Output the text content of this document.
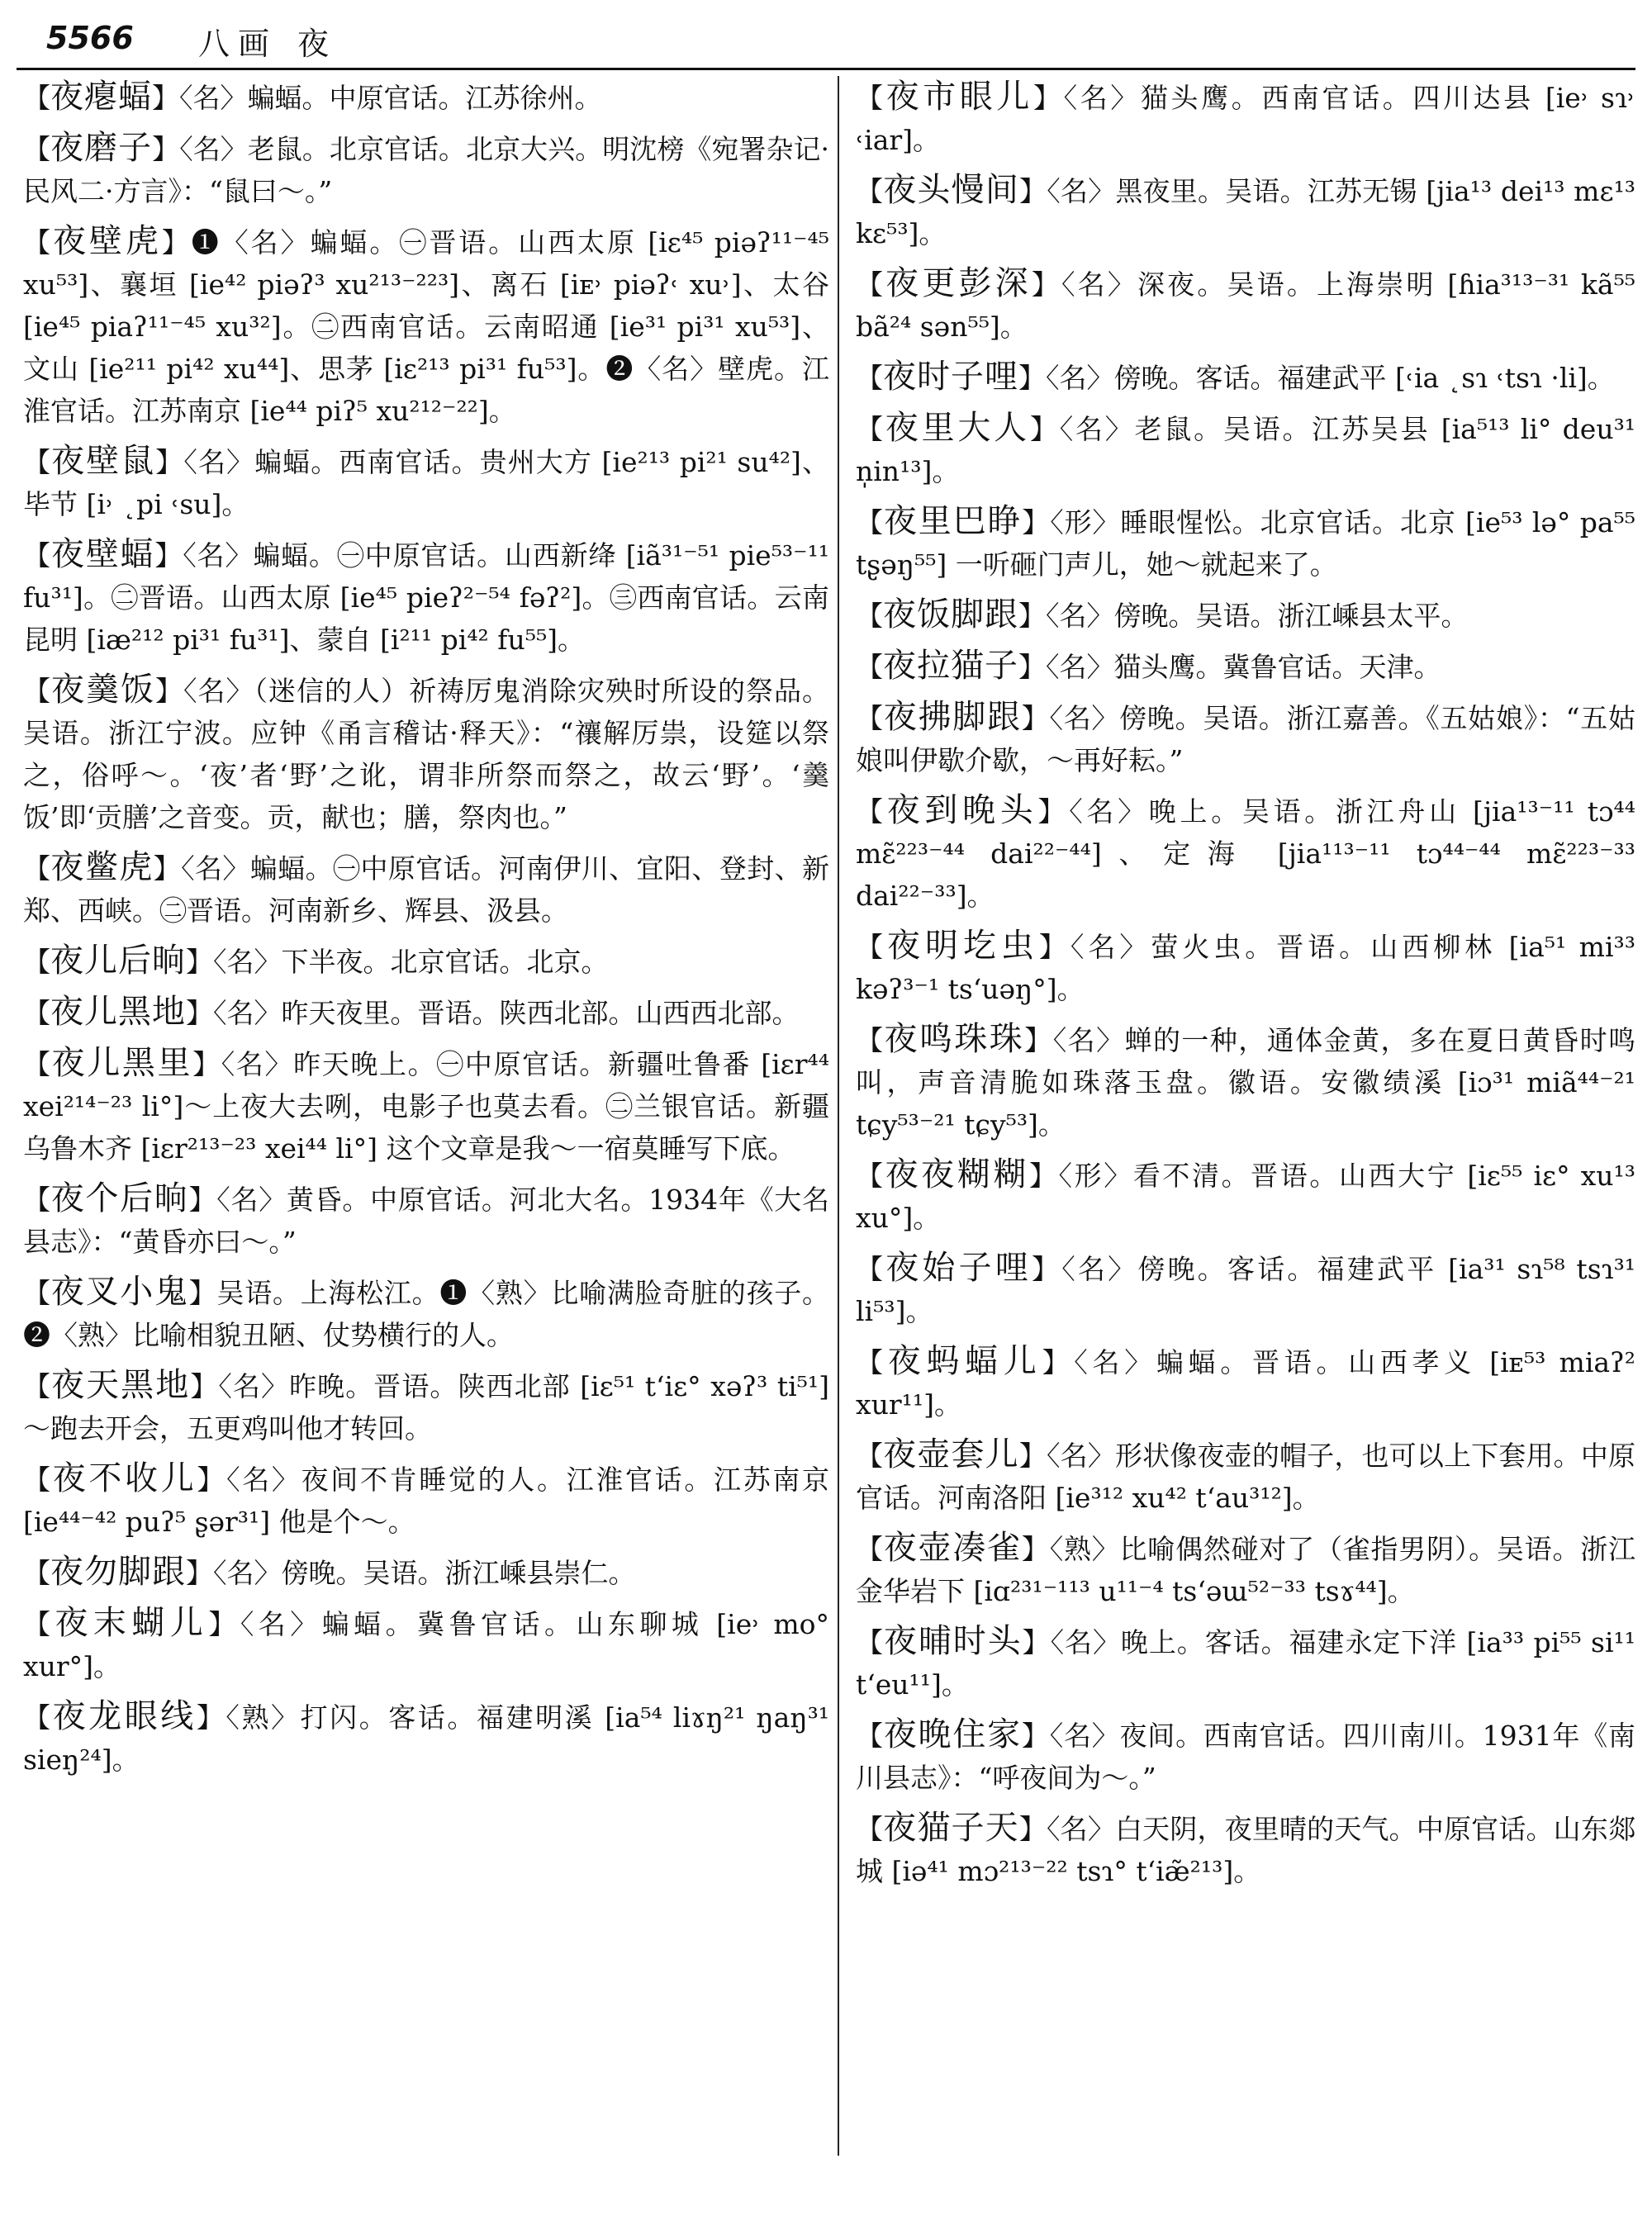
5566 八画 夜
【夜瘪蝠】〈名〉蝙蝠。中原官话。江苏徐州。
【夜磨子】〈名〉老鼠。北京官话。北京大兴。明沈榜《宛署杂记·民风二·方言》：“鼠曰～。”
【夜壁虎】❶〈名〉蝙蝠。㊀晋语。山西太原 [iɛ⁴⁵ piəʔ¹¹⁻⁴⁵ xu⁵³]、襄垣 [ie⁴² piəʔ³ xu²¹³⁻²²³]、离石 [iᴇ˒ piəʔ˓ xu˒]、太谷 [ie⁴⁵ piaʔ¹¹⁻⁴⁵ xu³²]。㊁西南官话。云南昭通 [ie³¹ pi³¹ xu⁵³]、文山 [ie²¹¹ pi⁴² xu⁴⁴]、思茅 [iɛ²¹³ pi³¹ fu⁵³]。❷〈名〉壁虎。江淮官话。江苏南京 [ie⁴⁴ piʔ⁵ xu²¹²⁻²²]。
【夜壁鼠】〈名〉蝙蝠。西南官话。贵州大方 [ie²¹³ pi²¹ su⁴²]、毕节 [i˒ ˛pi ˓su]。
【夜壁蝠】〈名〉蝙蝠。㊀中原官话。山西新绛 [iã³¹⁻⁵¹ pie⁵³⁻¹¹ fu³¹]。㊁晋语。山西太原 [ie⁴⁵ pieʔ²⁻⁵⁴ fəʔ²]。㊂西南官话。云南昆明 [iæ²¹² pi³¹ fu³¹]、蒙自 [i²¹¹ pi⁴² fu⁵⁵]。
【夜羹饭】〈名〉（迷信的人）祈祷厉鬼消除灾殃时所设的祭品。吴语。浙江宁波。应钟《甬言稽诂·释天》：“禳解厉祟，设筵以祭之，俗呼～。‘夜’者‘野’之讹，谓非所祭而祭之，故云‘野’。‘羹饭’即‘贡膳’之音变。贡，献也；膳，祭肉也。”
【夜鳖虎】〈名〉蝙蝠。㊀中原官话。河南伊川、宜阳、登封、新郑、西峡。㊁晋语。河南新乡、辉县、汲县。
【夜儿后晌】〈名〉下半夜。北京官话。北京。
【夜儿黑地】〈名〉昨天夜里。晋语。陕西北部。山西西北部。
【夜儿黑里】〈名〉昨天晚上。㊀中原官话。新疆吐鲁番 [iɛr⁴⁴ xei²¹⁴⁻²³ li°]～上夜大去咧，电影子也莫去看。㊁兰银官话。新疆乌鲁木齐 [iɛr²¹³⁻²³ xei⁴⁴ li°] 这个文章是我～一宿莫睡写下底。
【夜个后晌】〈名〉黄昏。中原官话。河北大名。1934年《大名县志》：“黄昏亦曰～。”
【夜叉小鬼】吴语。上海松江。❶〈熟〉比喻满脸奇脏的孩子。❷〈熟〉比喻相貌丑陋、仗势横行的人。
【夜天黑地】〈名〉昨晚。晋语。陕西北部 [iɛ⁵¹ t‘iɛ° xəʔ³ ti⁵¹]～跑去开会，五更鸡叫他才转回。
【夜不收儿】〈名〉夜间不肯睡觉的人。江淮官话。江苏南京 [ie⁴⁴⁻⁴² puʔ⁵ ʂər³¹] 他是个～。
【夜勿脚跟】〈名〉傍晚。吴语。浙江嵊县崇仁。
【夜末蝴儿】〈名〉蝙蝠。冀鲁官话。山东聊城 [ie˒ mo° xur°]。
【夜龙眼线】〈熟〉打闪。客话。福建明溪 [ia⁵⁴ liɤŋ²¹ ŋaŋ³¹ sieŋ²⁴]。
【夜市眼儿】〈名〉猫头鹰。西南官话。四川达县 [ie˒ sɿ˒ ˓iar]。
【夜头慢间】〈名〉黑夜里。吴语。江苏无锡 [jia¹³ dei¹³ mɛ¹³ kɛ⁵³]。
【夜更彭深】〈名〉深夜。吴语。上海崇明 [ɦia³¹³⁻³¹ kã⁵⁵ bã²⁴ sən⁵⁵]。
【夜时子哩】〈名〉傍晚。客话。福建武平 [˓ia ˛sɿ ˓tsɿ ·li]。
【夜里大人】〈名〉老鼠。吴语。江苏吴县 [ia⁵¹³ li° deu³¹ n̩in¹³]。
【夜里巴睁】〈形〉睡眼惺忪。北京官话。北京 [ie⁵³ lə° pa⁵⁵ tʂəŋ⁵⁵] 一听砸门声儿，她～就起来了。
【夜饭脚跟】〈名〉傍晚。吴语。浙江嵊县太平。
【夜拉猫子】〈名〉猫头鹰。冀鲁官话。天津。
【夜拂脚跟】〈名〉傍晚。吴语。浙江嘉善。《五姑娘》：“五姑娘叫伊歇介歇，～再好耘。”
【夜到晚头】〈名〉晚上。吴语。浙江舟山 [jia¹³⁻¹¹ tɔ⁴⁴ mɛ̃²²³⁻⁴⁴ dai²²⁻⁴⁴]、定海 [jia¹¹³⁻¹¹ tɔ⁴⁴⁻⁴⁴ mɛ̃²²³⁻³³ dai²²⁻³³]。
【夜明圪虫】〈名〉萤火虫。晋语。山西柳林 [ia⁵¹ mi³³ kəʔ³⁻¹ ts‘uəŋ°]。
【夜鸣珠珠】〈名〉蝉的一种，通体金黄，多在夏日黄昏时鸣叫，声音清脆如珠落玉盘。徽语。安徽绩溪 [iɔ³¹ miã⁴⁴⁻²¹ tɕy⁵³⁻²¹ tɕy⁵³]。
【夜夜糊糊】〈形〉看不清。晋语。山西大宁 [iɛ⁵⁵ iɛ° xu¹³ xu°]。
【夜始子哩】〈名〉傍晚。客话。福建武平 [ia³¹ sɿ⁵⁸ tsɿ³¹ li⁵³]。
【夜蚂蝠儿】〈名〉蝙蝠。晋语。山西孝义 [iᴇ⁵³ miaʔ² xur¹¹]。
【夜壶套儿】〈名〉形状像夜壶的帽子，也可以上下套用。中原官话。河南洛阳 [ie³¹² xu⁴² t‘au³¹²]。
【夜壶凑雀】〈熟〉比喻偶然碰对了（雀指男阴）。吴语。浙江金华岩下 [iɑ²³¹⁻¹¹³ u¹¹⁻⁴ ts‘əɯ⁵²⁻³³ tsɤ⁴⁴]。
【夜晡时头】〈名〉晚上。客话。福建永定下洋 [ia³³ pi⁵⁵ si¹¹ t‘eu¹¹]。
【夜晚住家】〈名〉夜间。西南官话。四川南川。1931年《南川县志》：“呼夜间为～。”
【夜猫子天】〈名〉白天阴，夜里晴的天气。中原官话。山东郯城 [iə⁴¹ mɔ²¹³⁻²² tsɿ° t‘iæ̃²¹³]。
